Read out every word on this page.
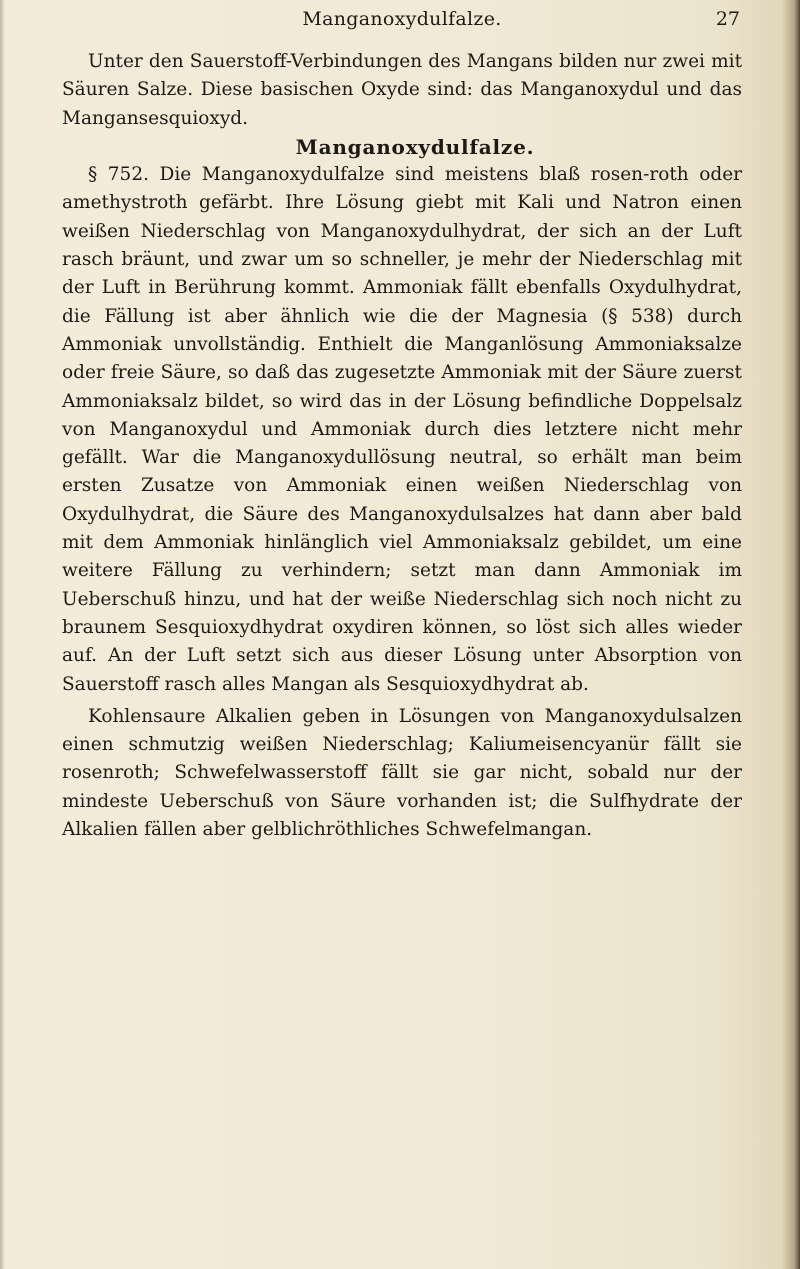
Manganoxydulfalze.	27

Unter den Sauerstoff-Verbindungen des Mangans bilden nur zwei mit Säuren Salze. Diese basischen Oxyde sind: das Manganoxydul und das Mangansesquioxyd.

Manganoxydulfalze.

§ 752. Die Manganoxydulfalze sind meistens blaß rosen-roth oder amethystroth gefärbt. Ihre Lösung giebt mit Kali und Natron einen weißen Niederschlag von Manganoxydulhydrat, der sich an der Luft rasch bräunt, und zwar um so schneller, je mehr der Niederschlag mit der Luft in Berührung kommt. Ammoniak fällt ebenfalls Oxydulhydrat, die Fällung ist aber ähnlich wie die der Magnesia (§ 538) durch Ammoniak unvollständig. Enthielt die Manganlösung Ammoniaksalze oder freie Säure, so daß das zugesetzte Ammoniak mit der Säure zuerst Ammoniaksalz bildet, so wird das in der Lösung befindliche Doppelsalz von Manganoxydul und Ammoniak durch dies letztere nicht mehr gefällt. War die Manganoxydullösung neutral, so erhält man beim ersten Zusatze von Ammoniak einen weißen Niederschlag von Oxydulhydrat, die Säure des Manganoxydulsalzes hat dann aber bald mit dem Ammoniak hinlänglich viel Ammoniaksalz gebildet, um eine weitere Fällung zu verhindern; setzt man dann Ammoniak im Ueberschuß hinzu, und hat der weiße Niederschlag sich noch nicht zu braunem Sesquioxydhydrat oxydiren können, so löst sich alles wieder auf. An der Luft setzt sich aus dieser Lösung unter Absorption von Sauerstoff rasch alles Mangan als Sesquioxydhydrat ab.

Kohlensaure Alkalien geben in Lösungen von Manganoxydulsalzen einen schmutzig weißen Niederschlag; Kaliumeisencyanür fällt sie rosenroth; Schwefelwasserstoff fällt sie gar nicht, sobald nur der mindeste Ueberschuß von Säure vorhanden ist; die Sulfhydrate der Alkalien fällen aber gelblichröthliches Schwefelmangan.
